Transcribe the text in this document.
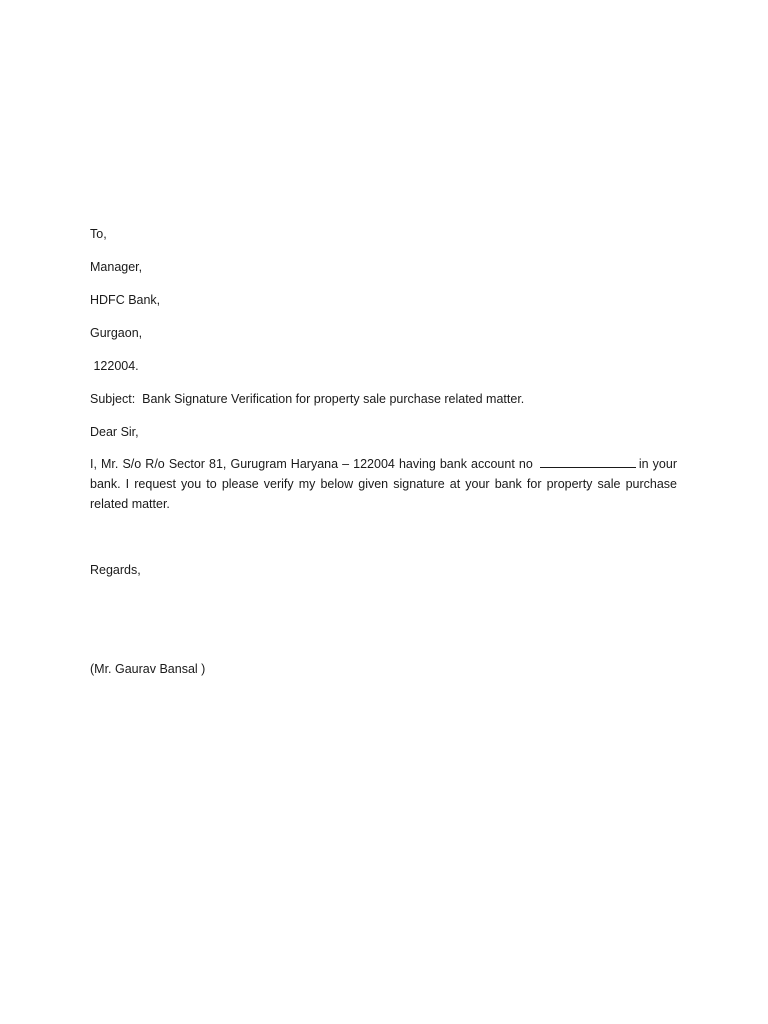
To,
Manager,
HDFC Bank,
Gurgaon,
122004.
Subject:  Bank Signature Verification for property sale purchase related matter.
Dear Sir,
I, Mr. S/o R/o Sector 81, Gurugram Haryana – 122004 having bank account no	in your
bank. I request you to please verify my below given signature at your bank for property sale purchase
related matter.
Regards,
(Mr. Gaurav Bansal )
